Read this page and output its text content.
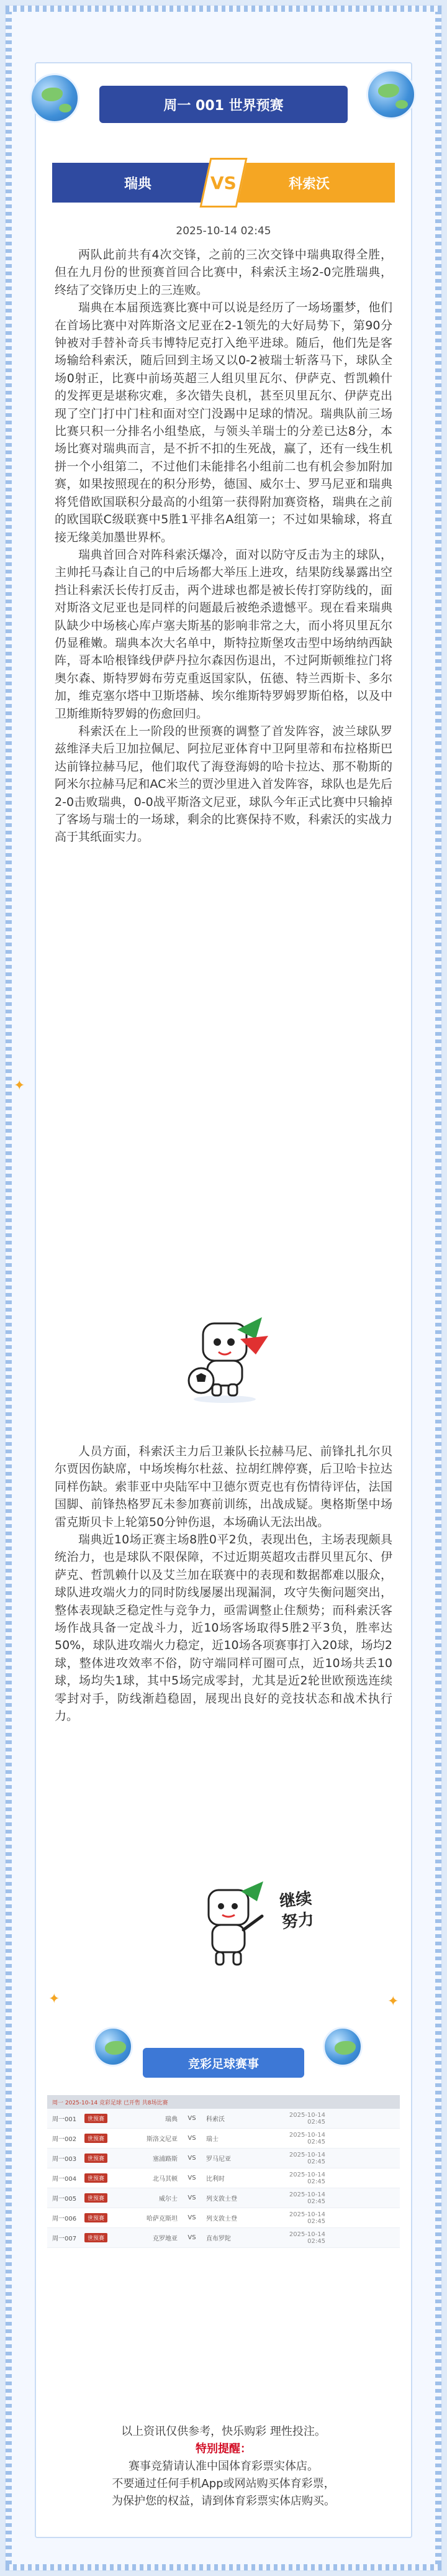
周一 001 世界预赛
瑞典	科索沃
VS
2025-10-14 02:45

两队此前共有4次交锋，之前的三次交锋中瑞典取得全胜，但在九月份的世预赛首回合比赛中，科索沃主场2-0完胜瑞典，终结了交锋历史上的三连败。

瑞典在本届预选赛比赛中可以说是经历了一场场噩梦，他们在首场比赛中对阵斯洛文尼亚在2-1领先的大好局势下，第90分钟被对手替补奇兵韦博特尼克打入绝平进球。随后，他们先是客场输给科索沃，随后回到主场又以0-2被瑞士斩落马下，球队全场0射正，比赛中前场英超三人组贝里瓦尔、伊萨克、哲凯赖什的发挥更是堪称灾难，多次错失良机，甚至贝里瓦尔、伊萨克出现了空门打中门柱和面对空门没踢中足球的情况。瑞典队前三场比赛只积一分排名小组垫底，与领头羊瑞士的分差已达8分，本场比赛对瑞典而言，是不折不扣的生死战，赢了，还有一线生机拼一个小组第二，不过他们未能排名小组前二也有机会参加附加赛，如果按照现在的积分形势，德国、威尔士、罗马尼亚和瑞典将凭借欧国联积分最高的小组第一获得附加赛资格，瑞典在之前的欧国联C级联赛中5胜1平排名A组第一；不过如果输球，将直接无缘美加墨世界杯。

瑞典首回合对阵科索沃爆冷，面对以防守反击为主的球队，主帅托马森让自己的中后场都大举压上进攻，结果防线暴露出空挡让科索沃长传打反击，两个进球也都是被长传打穿防线的，面对斯洛文尼亚也是同样的问题最后被绝杀遗憾平。现在看来瑞典队缺少中场核心库卢塞夫斯基的影响非常之大，而小将贝里瓦尔仍显稚嫩。瑞典本次大名单中，斯特拉斯堡攻击型中场纳纳西缺阵，哥本哈根锋线伊萨丹拉尔森因伤退出，不过阿斯顿维拉门将奥尔森、斯特罗姆布劳克重返国家队，伍德、特兰西斯卡、多尔加，维克塞尔塔中卫斯塔赫、埃尔维斯特罗姆罗斯伯格，以及中卫斯维斯特罗姆的伤愈回归。

科索沃在上一阶段的世预赛的调整了首发阵容，波兰球队罗兹维泽夫后卫加拉佩尼、阿拉尼亚体育中卫阿里蒂和布拉格斯巴达前锋拉赫马尼，他们取代了海登海姆的哈卡拉达、那不勒斯的阿米尔拉赫马尼和AC米兰的贾沙里进入首发阵容，球队也是先后2-0击败瑞典，0-0战平斯洛文尼亚，球队今年正式比赛中只输掉了客场与瑞士的一场球，剩余的比赛保持不败，科索沃的实战力高于其纸面实力。

✦

人员方面，科索沃主力后卫兼队长拉赫马尼、前锋扎扎尔贝尔贾因伤缺席，中场埃梅尔杜兹、拉胡红牌停赛，后卫哈卡拉达同样伤缺。索菲亚中央陆军中卫德尔贾克也有伤情待评估，法国国脚、前锋热格罗瓦未参加赛前训练，出战成疑。奥格斯堡中场雷克斯贝卡上轮第50分钟伤退，本场确认无法出战。

瑞典近10场正赛主场8胜0平2负，表现出色，主场表现颇具统治力，也是球队不限保障，不过近期英超攻击群贝里瓦尔、伊萨克、哲凯赖什以及艾兰加在联赛中的表现和数据都难以服众，球队进攻端火力的同时防线屡屡出现漏洞，攻守失衡问题突出，整体表现缺乏稳定性与竞争力，亟需调整止住颓势；而科索沃客场作战具备一定战斗力，近10场客场取得5胜2平3负，胜率达50%，球队进攻端火力稳定，近10场各项赛事打入20球，场均2球，整体进攻效率不俗，防守端同样可圈可点，近10场共丢10球，场均失1球，其中5场完成零封，尤其是近2轮世欧预选连续零封对手，防线渐趋稳固，展现出良好的竞技状态和战术执行力。

继续努力
✦	✦
竞彩足球赛事
周一 2025-10-14 竞彩足球 已开售 共8场比赛
周一001	世预赛	瑞典	VS	科索沃
2025-10-14 02:45
周一002	世预赛	斯洛文尼亚	VS	瑞士
2025-10-14 02:45
周一003	世预赛	塞浦路斯	VS	罗马尼亚
2025-10-14 02:45
周一004	世预赛	北马其顿	VS	比利时
2025-10-14 02:45
周一005	世预赛	威尔士	VS	列支敦士登
2025-10-14 02:45
周一006	世预赛	哈萨克斯坦	VS	列支敦士登
2025-10-14 02:45
周一007	世预赛	克罗地亚	VS	直布罗陀
2025-10-14 02:45
以上资讯仅供参考，快乐购彩 理性投注。
特别提醒：
赛事竞猜请认准中国体育彩票实体店。
不要通过任何手机App或网站购买体育彩票，
为保护您的权益，请到体育彩票实体店购买。
